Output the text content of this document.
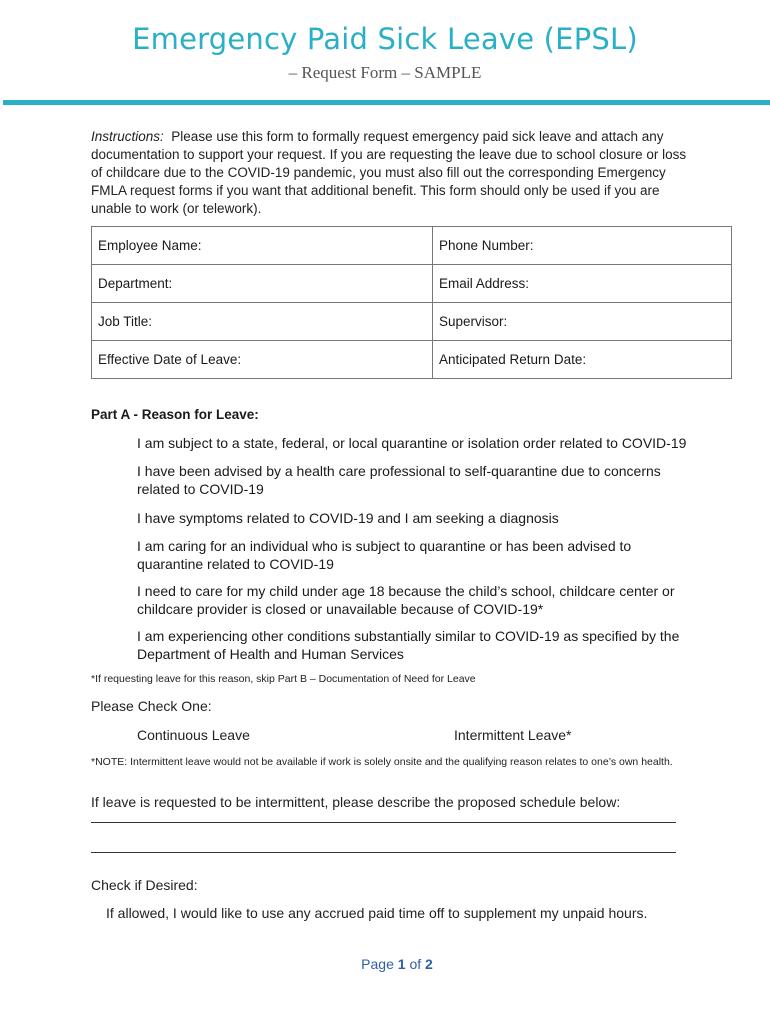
Emergency Paid Sick Leave (EPSL)
– Request Form – SAMPLE
Instructions: Please use this form to formally request emergency paid sick leave and attach any documentation to support your request. If you are requesting the leave due to school closure or loss of childcare due to the COVID-19 pandemic, you must also fill out the corresponding Emergency FMLA request forms if you want that additional benefit. This form should only be used if you are unable to work (or telework).
Employee Name:	Phone Number:
Department:	Email Address:
Job Title:	Supervisor:
Effective Date of Leave:	Anticipated Return Date:
Part A - Reason for Leave:
I am subject to a state, federal, or local quarantine or isolation order related to COVID-19
I have been advised by a health care professional to self-quarantine due to concerns related to COVID-19
I have symptoms related to COVID-19 and I am seeking a diagnosis
I am caring for an individual who is subject to quarantine or has been advised to quarantine related to COVID-19
I need to care for my child under age 18 because the child’s school, childcare center or childcare provider is closed or unavailable because of COVID-19*
I am experiencing other conditions substantially similar to COVID-19 as specified by the Department of Health and Human Services
*If requesting leave for this reason, skip Part B – Documentation of Need for Leave
Please Check One:
Continuous Leave	Intermittent Leave*
*NOTE: Intermittent leave would not be available if work is solely onsite and the qualifying reason relates to one’s own health.
If leave is requested to be intermittent, please describe the proposed schedule below:
Check if Desired:
If allowed, I would like to use any accrued paid time off to supplement my unpaid hours.
Page 1 of 2
